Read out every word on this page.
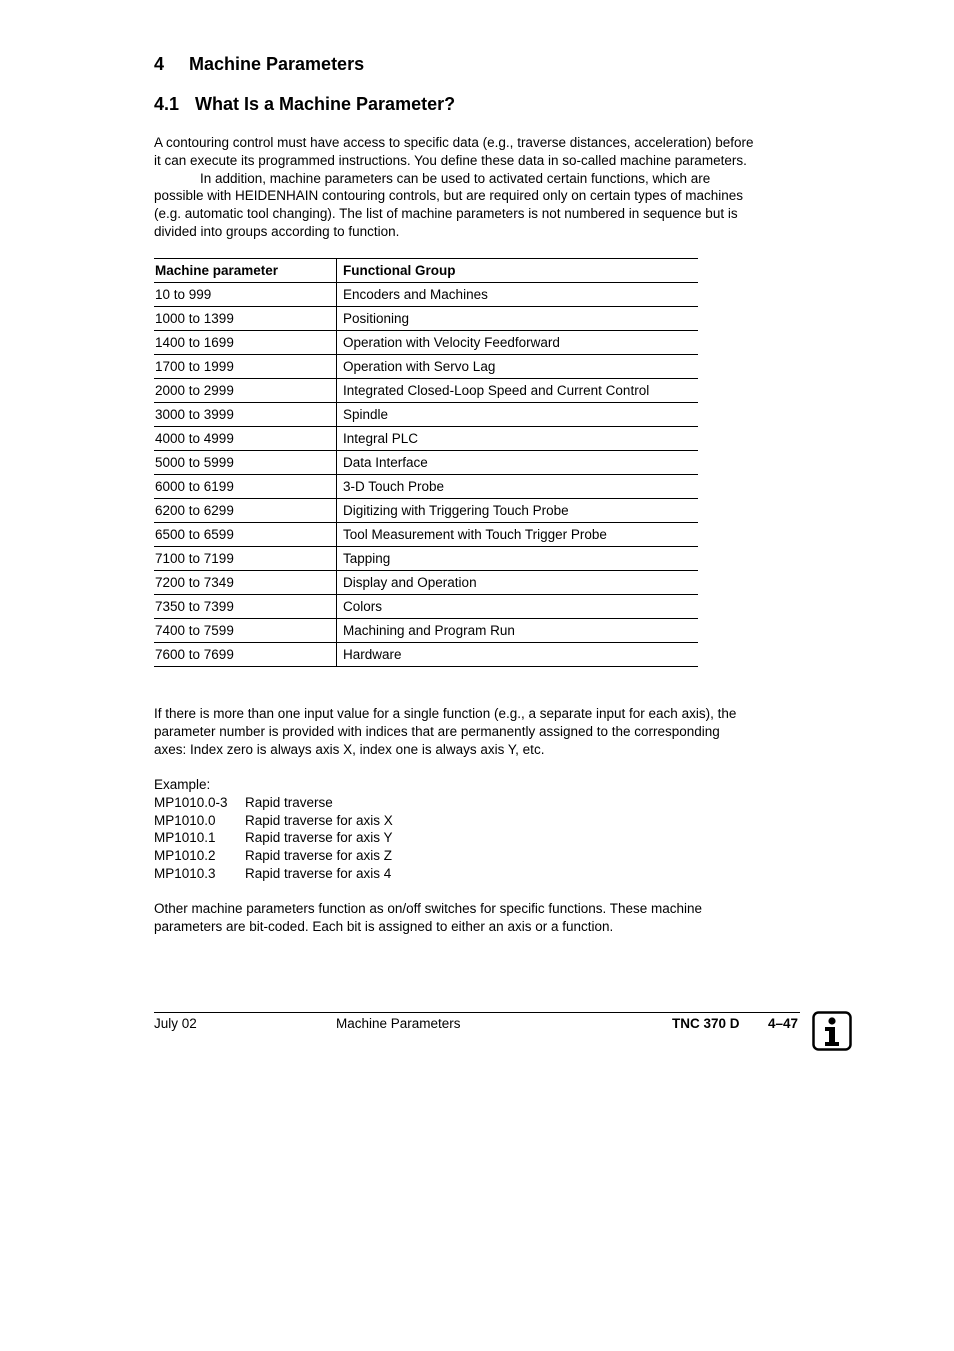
4 Machine Parameters
4.1 What Is a Machine Parameter?
A contouring control must have access to specific data (e.g., traverse distances, acceleration) before
it can execute its programmed instructions. You define these data in so-called machine parameters.
In addition, machine parameters can be used to activated certain functions, which are
possible with HEIDENHAIN contouring controls, but are required only on certain types of machines
(e.g. automatic tool changing). The list of machine parameters is not numbered in sequence but is
divided into groups according to function.
Machine parameter	Functional Group
10 to 999	Encoders and Machines
1000 to 1399	Positioning
1400 to 1699	Operation with Velocity Feedforward
1700 to 1999	Operation with Servo Lag
2000 to 2999	Integrated Closed-Loop Speed and Current Control
3000 to 3999	Spindle
4000 to 4999	Integral PLC
5000 to 5999	Data Interface
6000 to 6199	3-D Touch Probe
6200 to 6299	Digitizing with Triggering Touch Probe
6500 to 6599	Tool Measurement with Touch Trigger Probe
7100 to 7199	Tapping
7200 to 7349	Display and Operation
7350 to 7399	Colors
7400 to 7599	Machining and Program Run
7600 to 7699	Hardware
If there is more than one input value for a single function (e.g., a separate input for each axis), the
parameter number is provided with indices that are permanently assigned to the corresponding
axes: Index zero is always axis X, index one is always axis Y, etc.
Example:
MP1010.0-3 Rapid traverse
MP1010.0 Rapid traverse for axis X
MP1010.1 Rapid traverse for axis Y
MP1010.2 Rapid traverse for axis Z
MP1010.3 Rapid traverse for axis 4
Other machine parameters function as on/off switches for specific functions. These machine
parameters are bit-coded. Each bit is assigned to either an axis or a function.
July 02	Machine Parameters	TNC 370 D 4–47
